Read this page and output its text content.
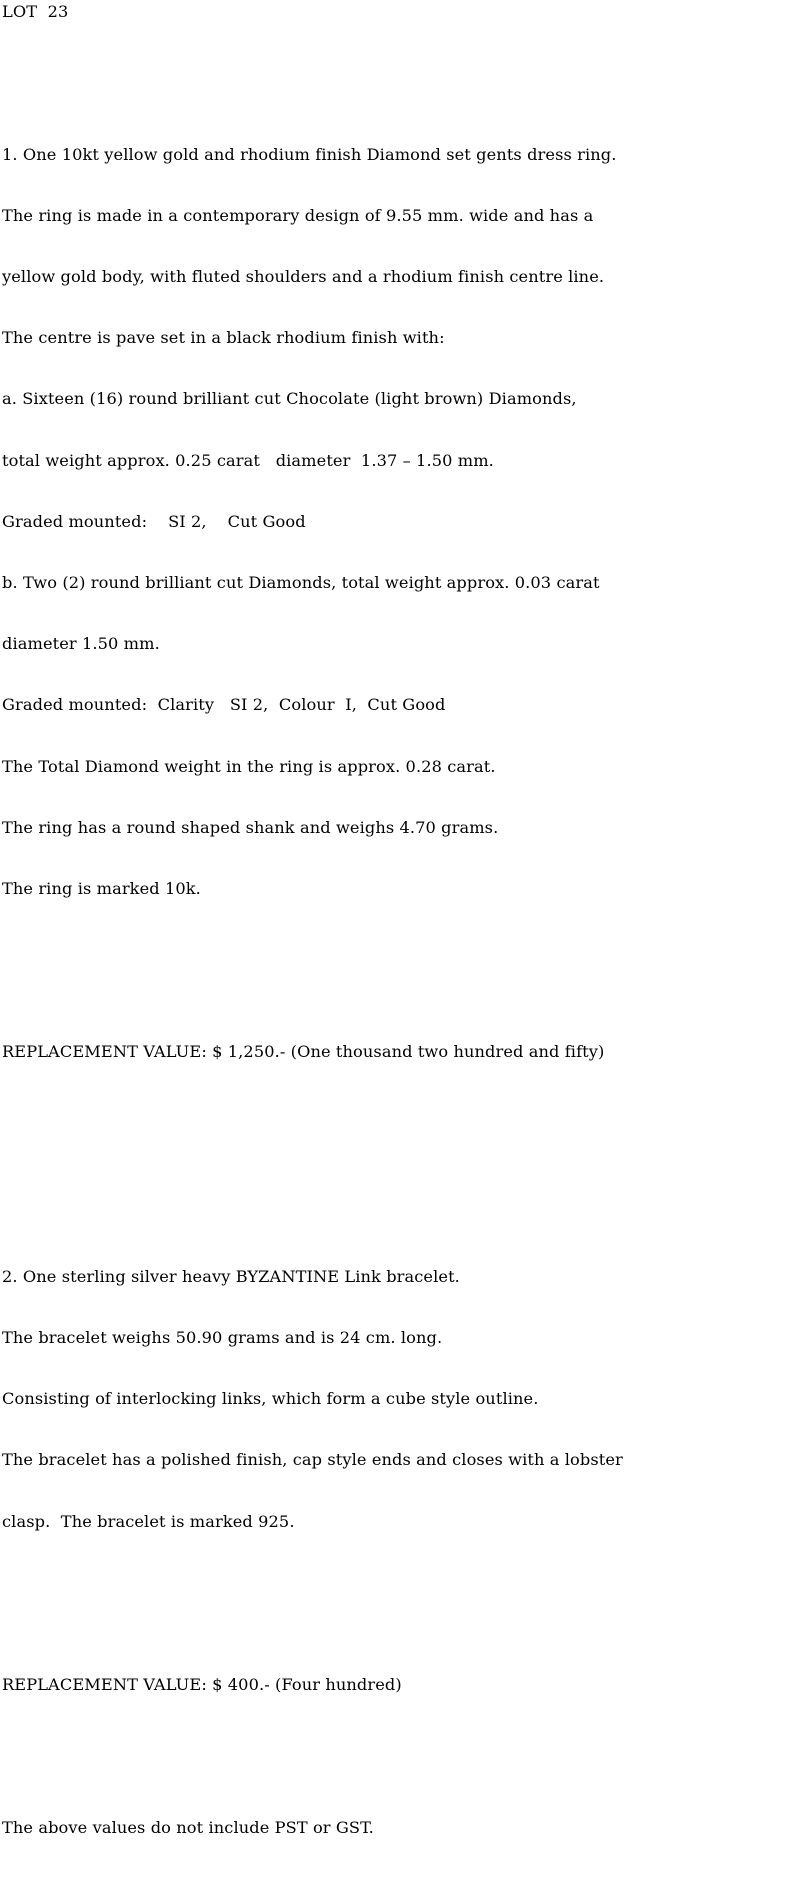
LOT  23

1. One 10kt yellow gold and rhodium finish Diamond set gents dress ring.

The ring is made in a contemporary design of 9.55 mm. wide and has a

yellow gold body, with fluted shoulders and a rhodium finish centre line.

The centre is pave set in a black rhodium finish with:

a. Sixteen (16) round brilliant cut Chocolate (light brown) Diamonds,

total weight approx. 0.25 carat   diameter  1.37 – 1.50 mm.

Graded mounted:    SI 2,    Cut Good

b. Two (2) round brilliant cut Diamonds, total weight approx. 0.03 carat

diameter 1.50 mm.

Graded mounted:  Clarity   SI 2,  Colour  I,  Cut Good

The Total Diamond weight in the ring is approx. 0.28 carat.

The ring has a round shaped shank and weighs 4.70 grams.

The ring is marked 10k.

REPLACEMENT VALUE: $ 1,250.- (One thousand two hundred and fifty)

2. One sterling silver heavy BYZANTINE Link bracelet.

The bracelet weighs 50.90 grams and is 24 cm. long.

Consisting of interlocking links, which form a cube style outline.

The bracelet has a polished finish, cap style ends and closes with a lobster

clasp.  The bracelet is marked 925.

REPLACEMENT VALUE: $ 400.- (Four hundred)

The above values do not include PST or GST.
